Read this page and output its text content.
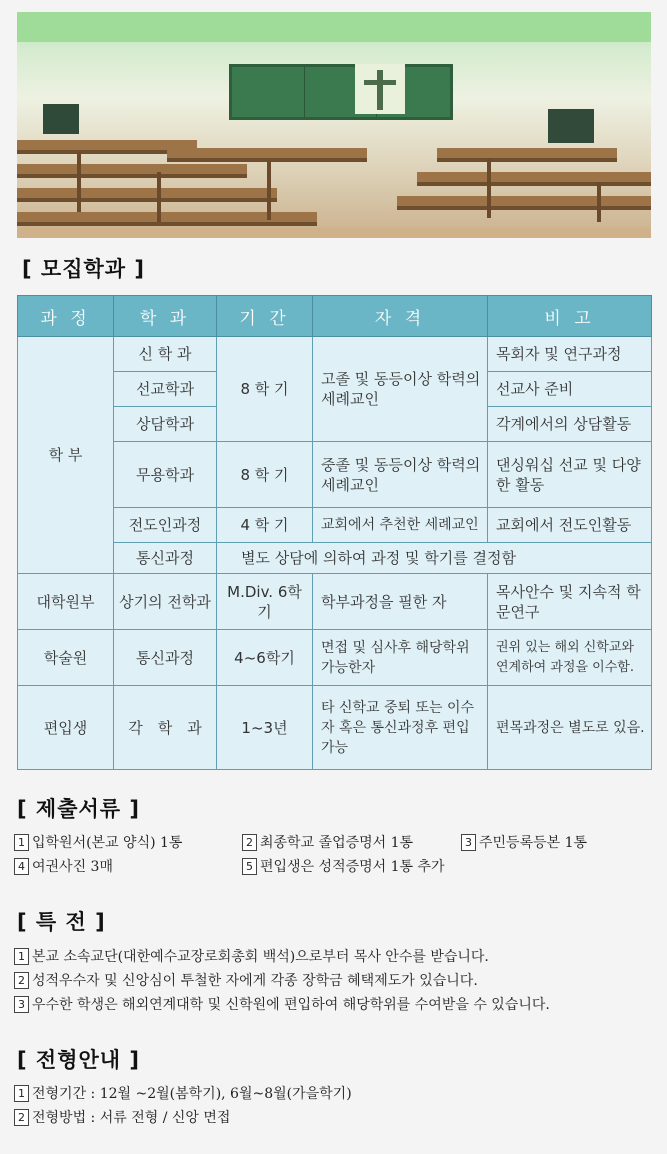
[ 모집학과 ]
과 정	학 과	기 간	자 격	비 고
학 부	신 학 과	8 학 기	고졸 및 동등이상 학력의 세례교인	목회자 및 연구과정
	선교학과			선교사 준비
	상담학과			각계에서의 상담활동
	무용학과	8 학 기	중졸 및 동등이상 학력의 세례교인	댄싱워십 선교 및 다양한 활동
	전도인과정	4 학 기	교회에서 추천한 세례교인	교회에서 전도인활동
	통신과정	별도 상담에 의하여 과정 및 학기를 결정함		
대학원부	상기의 전학과	M.Div. 6학기	학부과정을 필한 자	목사안수 및 지속적 학문연구
학술원	통신과정	4~6학기	면접 및 심사후 해당학위 가능한자	권위 있는 해외 신학교와 연계하여 과정을 이수함.
편입생	각　학　과	1~3년	타 신학교 중퇴 또는 이수자 혹은 통신과정후 편입가능	편목과정은 별도로 있음.
[ 제출서류 ]
1 입학원서(본교 양식) 1통	2 최종학교 졸업증명서 1통	3 주민등록등본 1통
4 여권사진 3매	5 편입생은 성적증명서 1통 추가
[ 특 전 ]
1 본교 소속교단(대한예수교장로회총회 백석)으로부터 목사 안수를 받습니다.
2 성적우수자 및 신앙심이 투철한 자에게 각종 장학금 혜택제도가 있습니다.
3 우수한 학생은 해외연계대학 및 신학원에 편입하여 해당학위를 수여받을 수 있습니다.
[ 전형안내 ]
1 전형기간 : 12월 ~2월(봄학기), 6월~8월(가을학기)
2 전형방법 : 서류 전형 / 신앙 면접
